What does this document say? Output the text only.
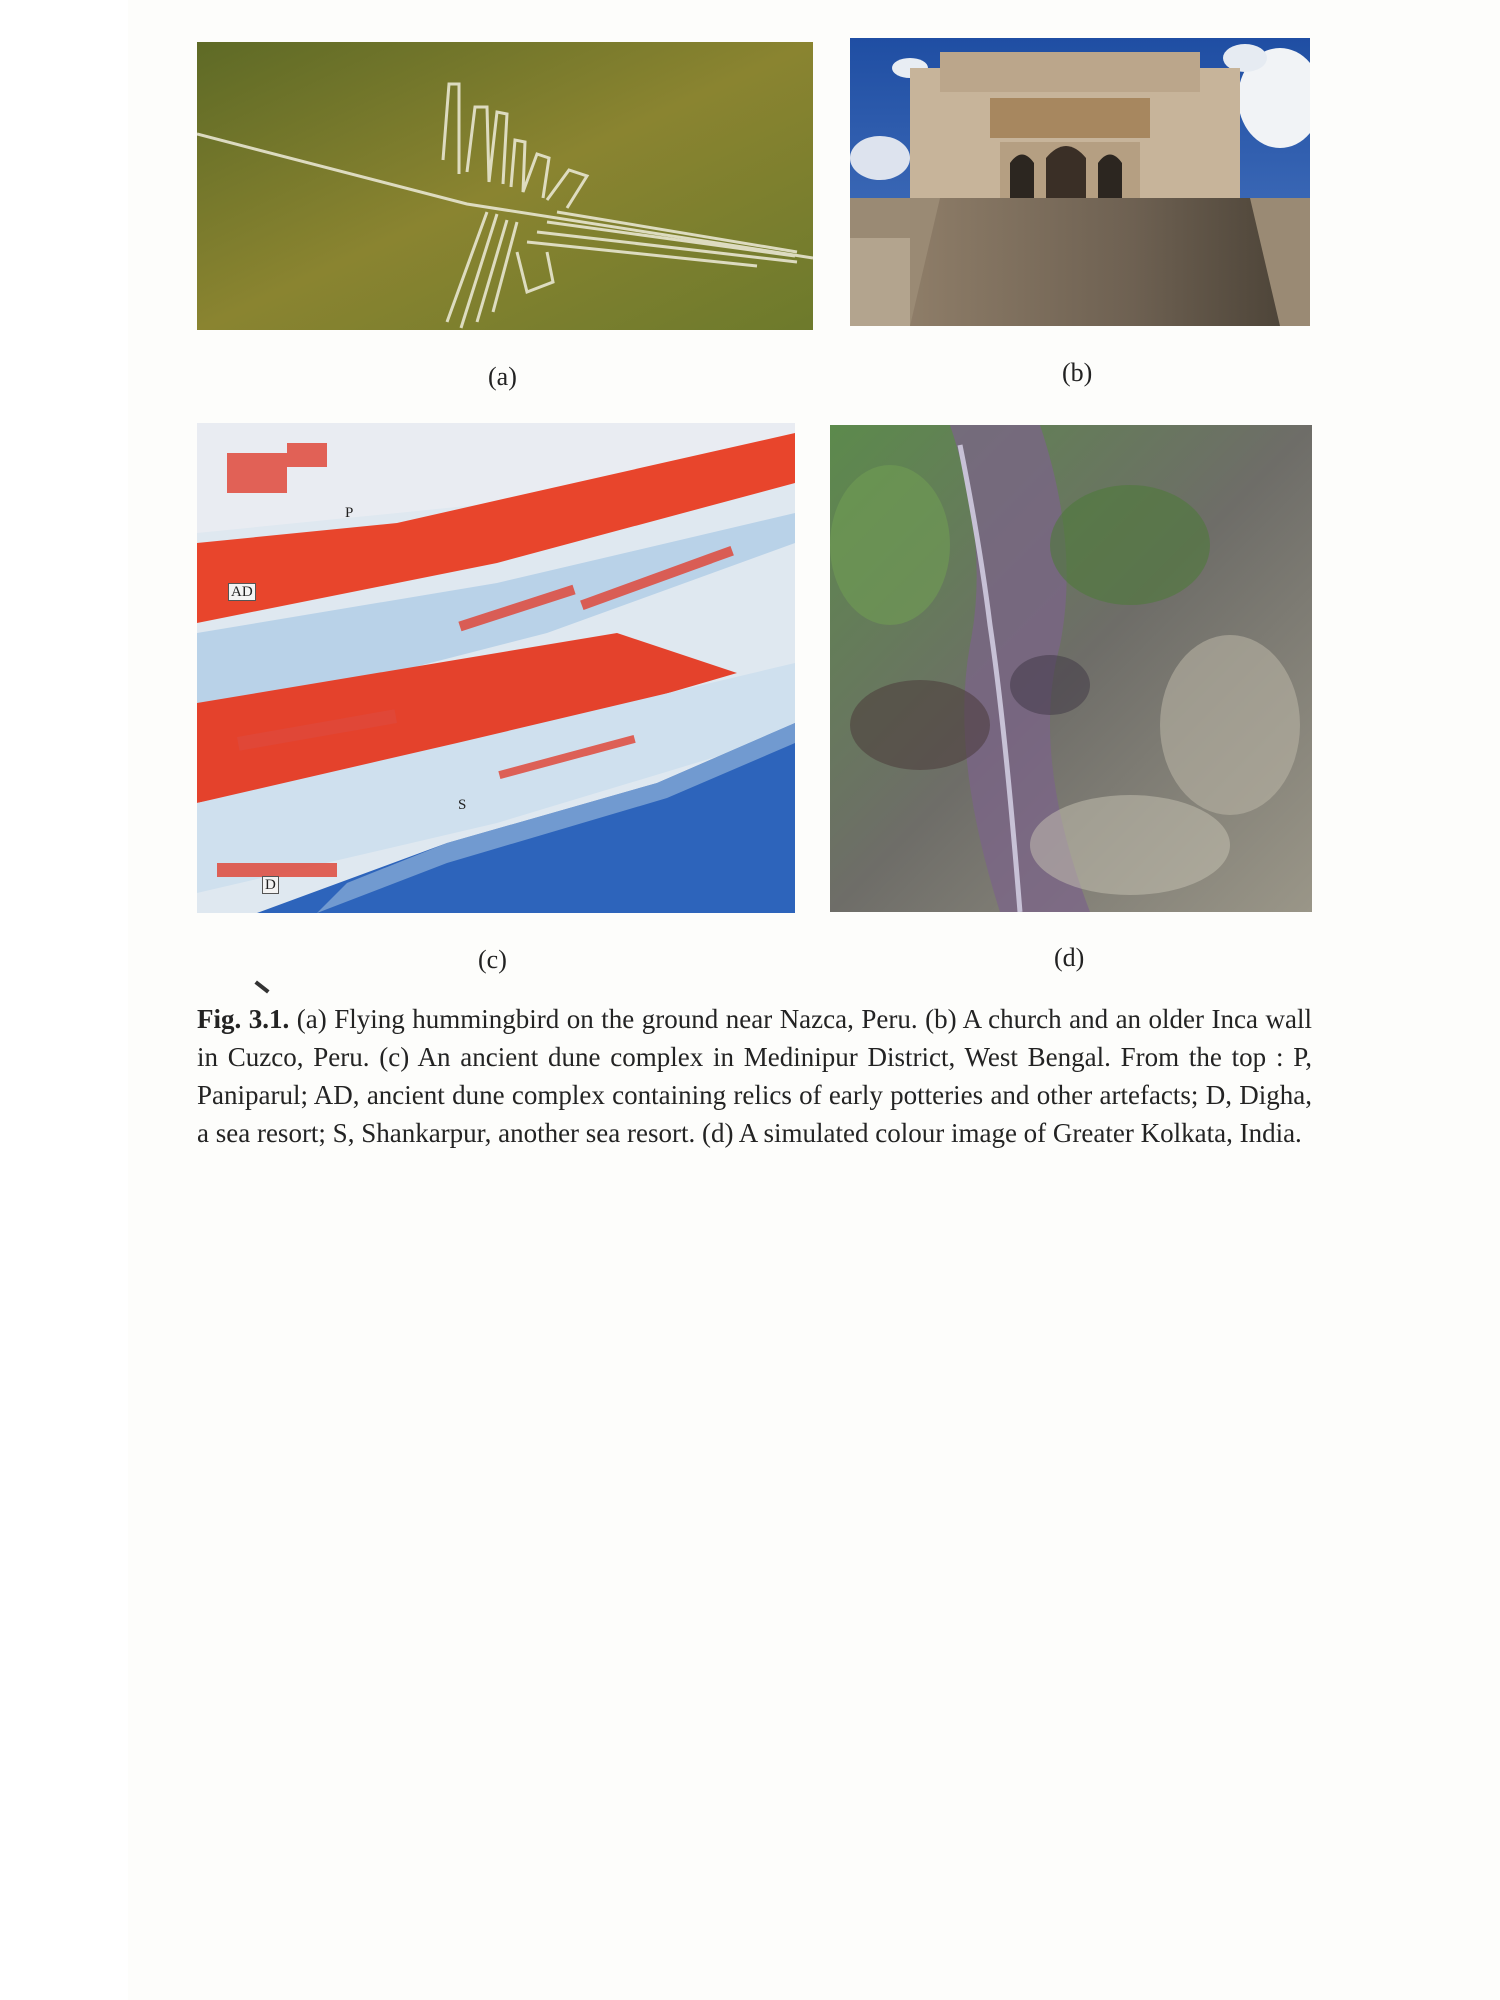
P
AD
S
D
(a)	(b)
(c)	(d)
Fig. 3.1. (a) Flying hummingbird on the ground near Nazca, Peru. (b) A church and an older Inca wall in Cuzco, Peru. (c) An ancient dune complex in Medinipur District, West Bengal. From the top : P, Paniparul; AD, ancient dune complex containing relics of early potteries and other artefacts; D, Digha, a sea resort; S, Shankarpur, another sea resort. (d) A simulated colour image of Greater Kolkata, India.
